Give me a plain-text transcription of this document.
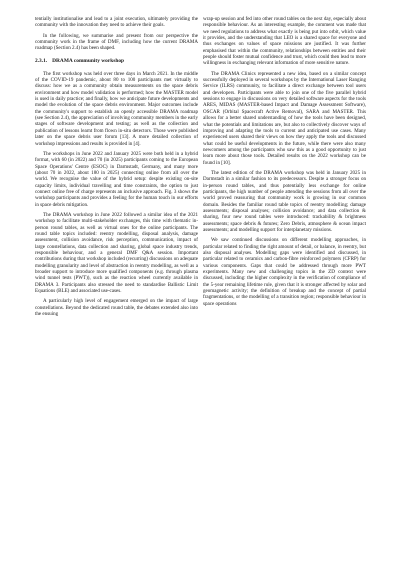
tentially institutionalise and lead to a joint execution, ultimately providing the community with the innovation they need to achieve their goals.

In the following, we summarise and present from our perspective the community work in the frame of DMF, including how the current DRAMA roadmap (Section 2.4) has been shaped.

2.3.1. DRAMA community workshop

The first workshop was held over three days in March 2021. In the middle of the COVID-19 pandemic, about 80 to 100 participants met virtually to discuss: how we as a community obtain measurements on the space debris environment and how model validation is performed; how the MASTER model is used in daily practice; and finally, how we anticipate future developments and model the evolution of the space debris environment. Major outcomes include the community's support to establish an openly accessible DRAMA roadmap (see Section 2.4), the appreciation of involving community members in the early stages of software development and testing; as well as the collection and publication of lessons learnt from flown in-situ detectors. Those were published later on the space debris user forum [13]. A more detailed collection of workshop impressions and results is provided in [4].

The workshops in June 2022 and January 2025 were both held in a hybrid format, with 60 (in 2022) and 70 (in 2025) participants coming to the European Space Operations' Centre (ESOC) in Darmstadt, Germany, and many more (about 70 in 2022, about 180 in 2025) connecting online from all over the world. We recognise the value of the hybrid setup: despite existing on-site capacity limits, individual travelling and time constraints, the option to just connect online free of charge represents an inclusive approach. Fig. 3 shows the workshop participants and provides a feeling for the human touch in our efforts in space debris mitigation.

The DRAMA workshop in June 2022 followed a similar idea of the 2021 workshop to facilitate multi-stakeholder exchanges, this time with thematic in-person round tables, as well as virtual ones for the online participants. The round table topics included: reentry modelling, disposal analysis, damage assessment, collision avoidance, risk perception, communication, impact of large constellations, data collection and sharing, global space industry trends, responsible behaviour, and a general DMF Q&A session. Important contributions during that workshop included (recurring) discussions on adequate modelling granularity and level of abstraction in reentry modelling, as well as a broader support to introduce more qualified components (e.g. through plasma wind tunnel tests (PWT)), such as the reaction wheel currently available in DRAMA 3. Participants also stressed the need to standardise Ballistic Limit Equations (BLE) and associated use-cases.

A particularly high level of engagement emerged on the impact of large constellations. Beyond the dedicated round table, the debates extended also into the ensuing

wrap-up session and fed into other round tables on the next day, especially about responsible behaviour. As an interesting example, the comment was made that we need regulations to address what exactly is being put into orbit, which value it provides, and the understanding that LEO is a shared space for everyone and thus exchanges on values of space missions are justified. It was further emphasised that within the community, relationships between entities and their people should foster mutual confidence and trust, which could then lead to more willingness in exchanging relevant information of more sensitive nature.

The DRAMA Clinics represented a new idea, based on a similar concept successfully deployed in several workshops by the International Laser Ranging Service (ILRS) community, to facilitate a direct exchange between tool users and developers. Participants were able to join one of the five parallel hybrid sessions to engage in discussions on very detailed software aspects for the tools ARES, MIDAS (MASTER-based Impact and Damage Assessment Software), OSCAR (Orbital Spacecraft Active Removal), SARA and MASTER. This allows for a better shared understanding of how the tools have been designed, what the potentials and limitations are, but also to collectively discover ways of improving and adapting the tools to current and anticipated use cases. Many experienced users shared their views on how they apply the tools and discussed what could be useful developments in the future, while there were also many newcomers among the participants who saw this as a good opportunity to just learn more about those tools. Detailed results on the 2022 workshop can be found in [10].

The latest edition of the DRAMA workshop was held in January 2025 in Darmstadt in a similar fashion to its predecessors. Despite a stronger focus on in-person round tables, and thus potentially less exchange for online participants, the high number of people attending the sessions from all over the world proved reassuring that community work is growing in our common domain. Besides the familiar round table topics of reentry modelling; damage assessments; disposal analyses; collision avoidance; and data collection & sharing, four new round tables were introduced: trackability & brightness assessments; space debris & futures; Zero Debris, atmosphere & ocean impact assessments; and modelling support for interplanetary missions.

We saw continued discussions on different modelling approaches, in particular related to finding the right amount of detail, or balance, in reentry, but also disposal analyses. Modelling gaps were identified and discussed, in particular related to ceramics and carbon-fibre reinforced polymers (CFRP) for various components. Gaps that could be addressed through more PWT experiments. Many new and challenging topics in the ZD context were discussed, including: the higher complexity in the verification of compliance of the 5-year remaining lifetime rule, given that it is stronger affected by solar and geomagnetic activity; the definition of breakup and the concept of partial fragmentations, or the modelling of a transition region; responsible behaviour in space operations
